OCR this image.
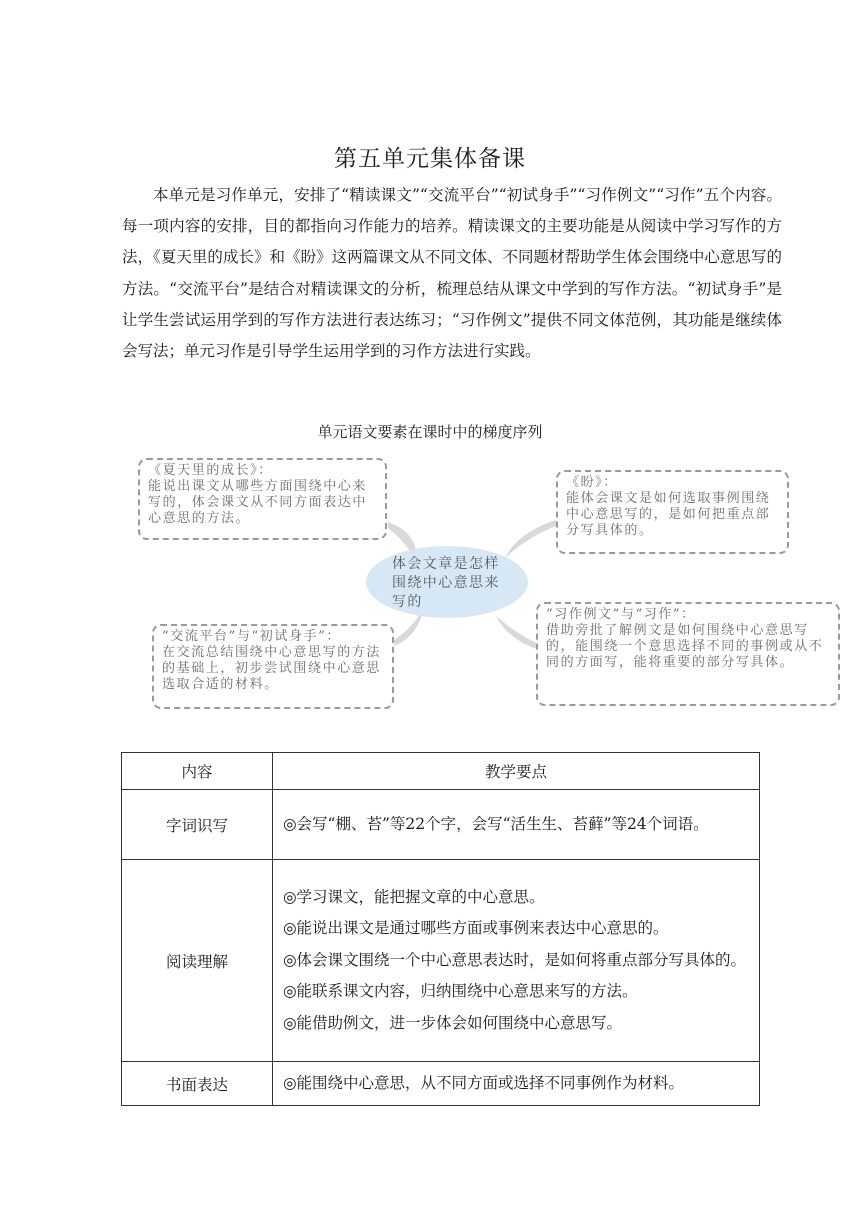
第五单元集体备课

本单元是习作单元，安排了“精读课文”“交流平台”“初试身手”“习作例文”“习作”五个内容。每一项内容的安排，目的都指向习作能力的培养。精读课文的主要功能是从阅读中学习写作的方法，《夏天里的成长》和《盼》这两篇课文从不同文体、不同题材帮助学生体会围绕中心意思写的方法。“交流平台”是结合对精读课文的分析，梳理总结从课文中学到的写作方法。“初试身手”是让学生尝试运用学到的写作方法进行表达练习；“习作例文”提供不同文体范例，其功能是继续体会写法；单元习作是引导学生运用学到的习作方法进行实践。

单元语文要素在课时中的梯度序列
《夏天里的成长》：
能说出课文从哪些方面围绕中心来写的，体会课文从不同方面表达中心意思的方法。
《盼》：
能体会课文是如何选取事例围绕中心意思写的，是如何把重点部分写具体的。
体会文章是怎样围绕中心意思来写的
“交流平台”与“初试身手”：
在交流总结围绕中心意思写的方法的基础上，初步尝试围绕中心意思选取合适的材料。
“习作例文”与“习作”：
借助旁批了解例文是如何围绕中心意思写的，能围绕一个意思选择不同的事例或从不同的方面写，能将重要的部分写具体。
内容	教学要点
字词识写	◎会写“棚、苔”等22个字，会写“活生生、苔藓”等24个词语。

阅读理解	◎学习课文，能把握文章的中心意思。
◎能说出课文是通过哪些方面或事例来表达中心意思的。
◎体会课文围绕一个中心意思表达时，是如何将重点部分写具体的。
◎能联系课文内容，归纳围绕中心意思来写的方法。
◎能借助例文，进一步体会如何围绕中心意思写。

书面表达	◎能围绕中心意思，从不同方面或选择不同事例作为材料。
